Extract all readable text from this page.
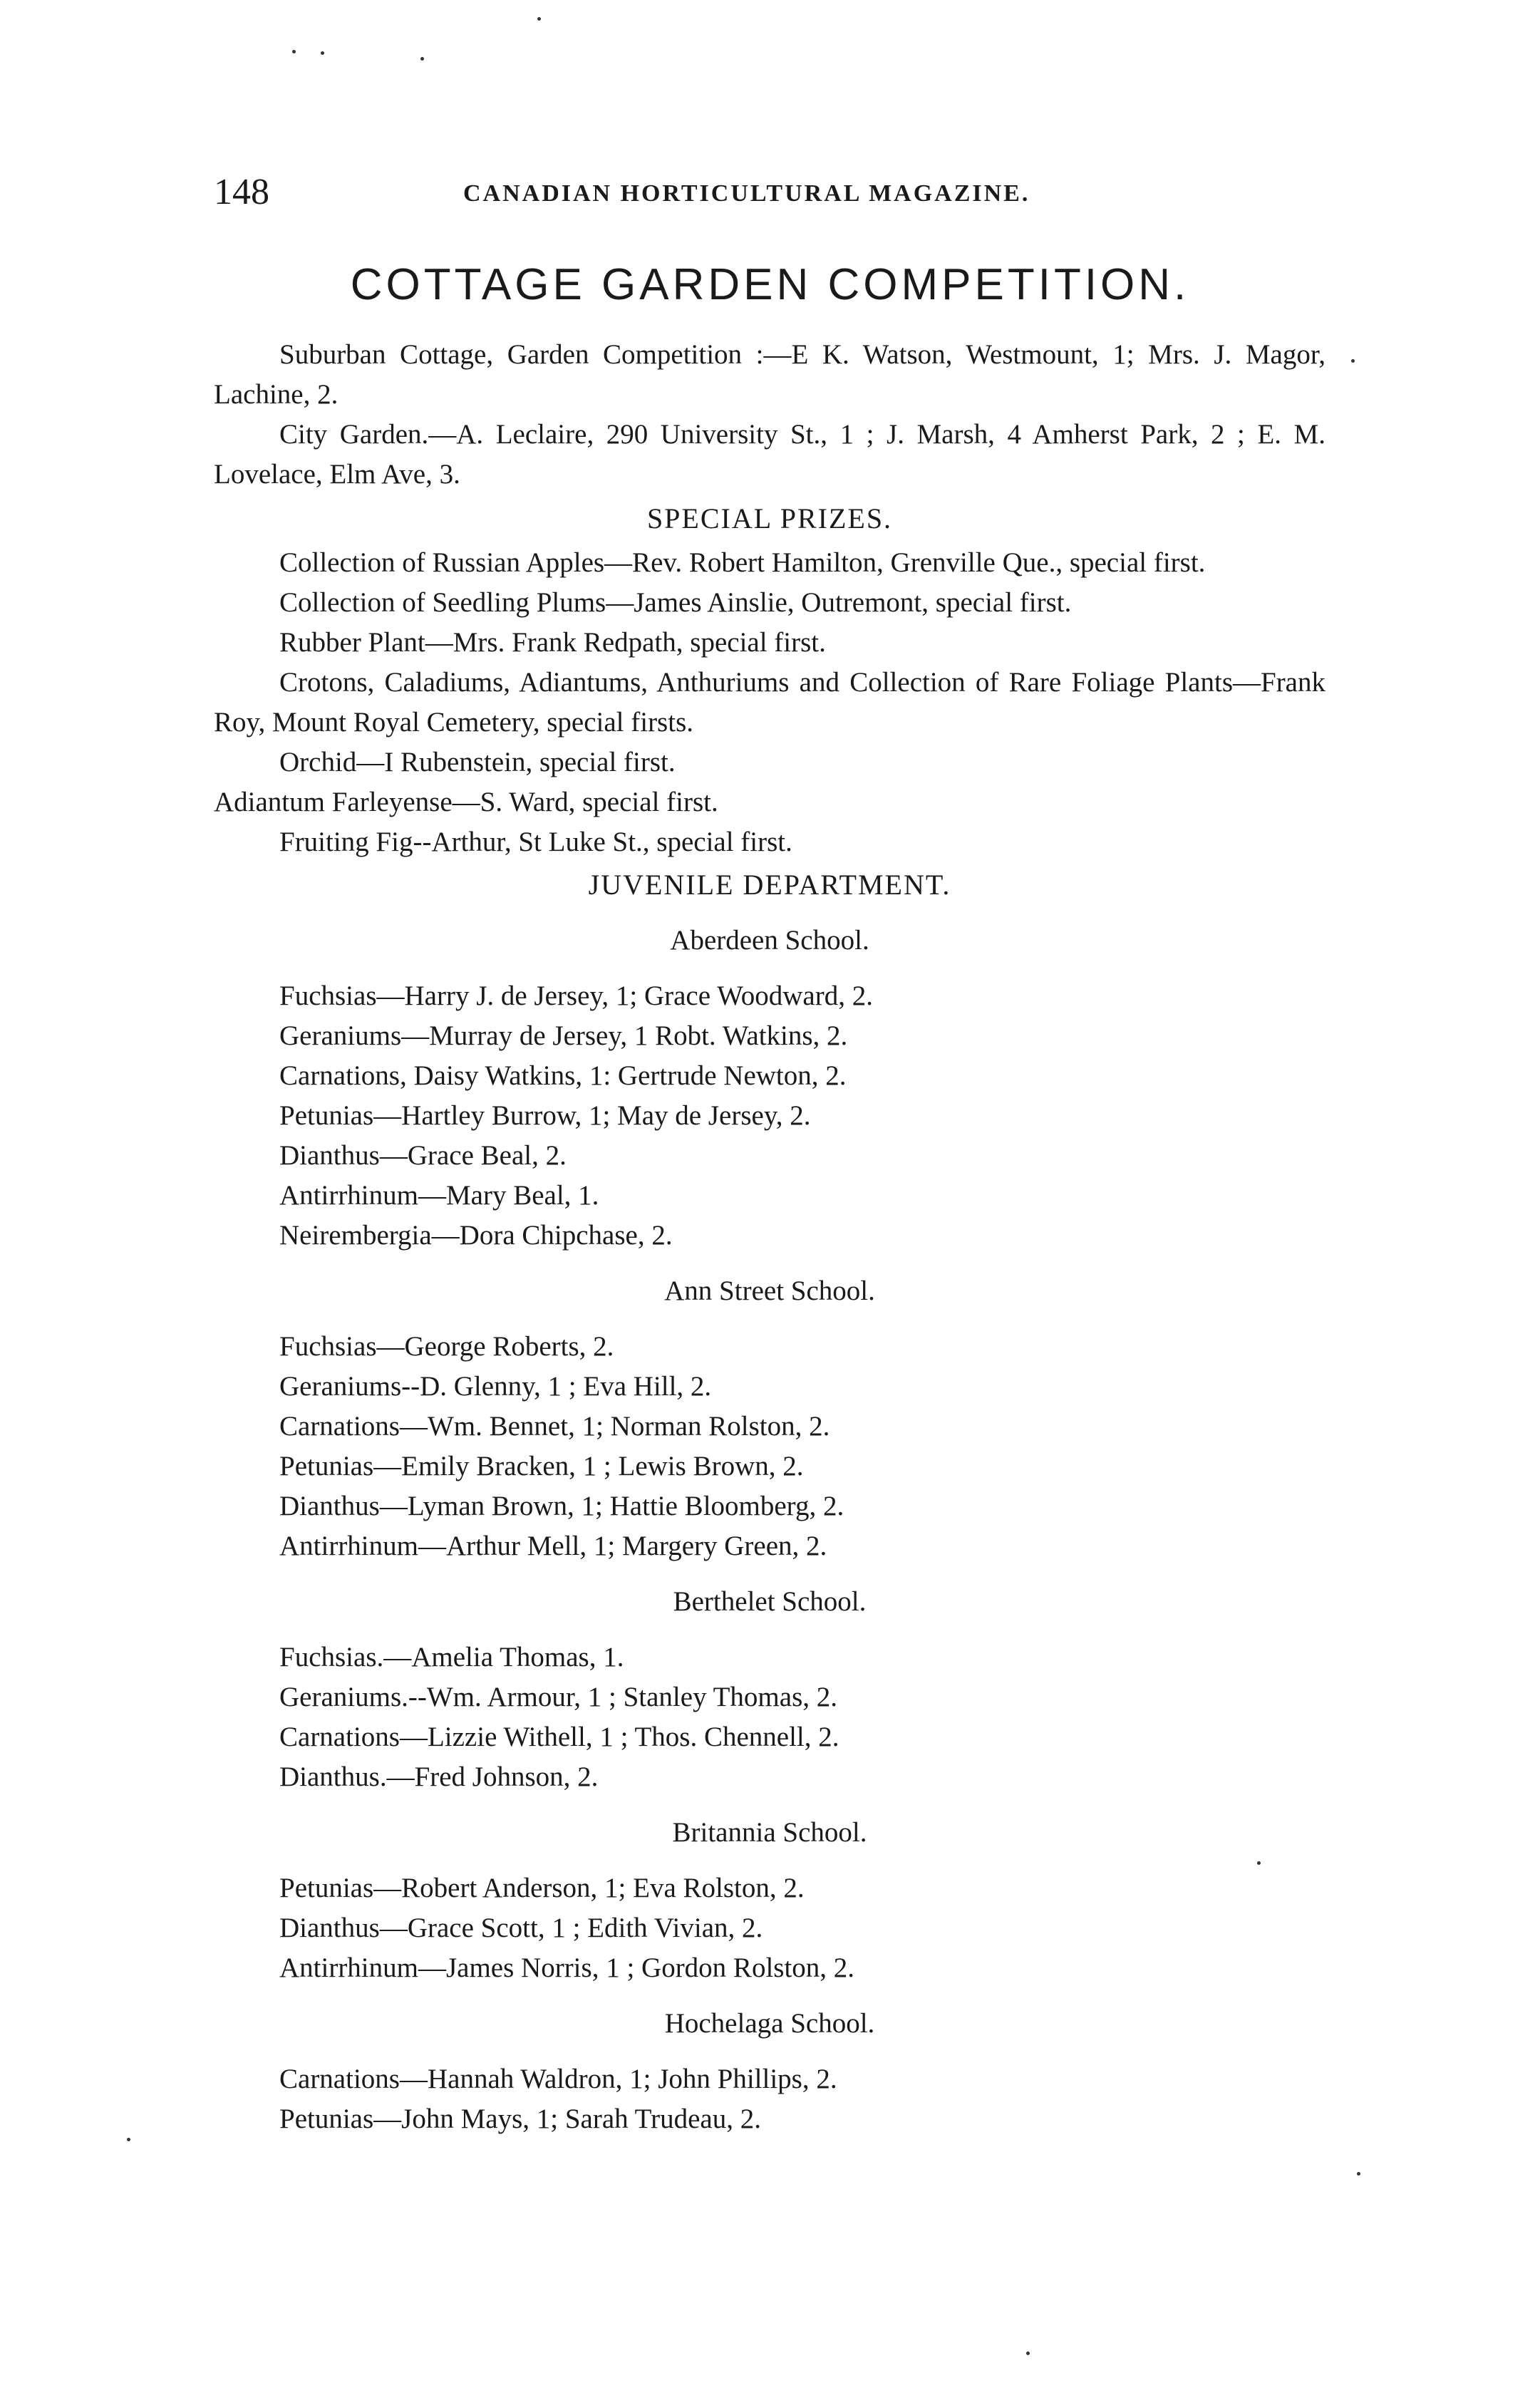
148	CANADIAN HORTICULTURAL MAGAZINE.
COTTAGE GARDEN COMPETITION.

Suburban Cottage, Garden Competition :—E K. Watson, Westmount, 1; Mrs. J. Magor, Lachine, 2.

City Garden.—A. Leclaire, 290 University St., 1 ; J. Marsh, 4 Amherst Park, 2 ; E. M. Lovelace, Elm Ave, 3.

SPECIAL PRIZES.

Collection of Russian Apples—Rev. Robert Hamilton, Grenville Que., special first.

Collection of Seedling Plums—James Ainslie, Outremont, special first.

Rubber Plant—Mrs. Frank Redpath, special first.

Crotons, Caladiums, Adiantums, Anthuriums and Collection of Rare Foliage Plants—Frank Roy, Mount Royal Cemetery, special firsts.

Orchid—I Rubenstein, special first.

Adiantum Farleyense—S. Ward, special first.

Fruiting Fig--Arthur, St Luke St., special first.

JUVENILE DEPARTMENT.
Aberdeen School.

Fuchsias—Harry J. de Jersey, 1; Grace Woodward, 2.

Geraniums—Murray de Jersey, 1 Robt. Watkins, 2.

Carnations, Daisy Watkins, 1: Gertrude Newton, 2.

Petunias—Hartley Burrow, 1; May de Jersey, 2.

Dianthus—Grace Beal, 2.

Antirrhinum—Mary Beal, 1.

Neirembergia—Dora Chipchase, 2.

Ann Street School.

Fuchsias—George Roberts, 2.

Geraniums--D. Glenny, 1 ; Eva Hill, 2.

Carnations—Wm. Bennet, 1; Norman Rolston, 2.

Petunias—Emily Bracken, 1 ; Lewis Brown, 2.

Dianthus—Lyman Brown, 1; Hattie Bloomberg, 2.

Antirrhinum—Arthur Mell, 1; Margery Green, 2.

Berthelet School.

Fuchsias.—Amelia Thomas, 1.

Geraniums.--Wm. Armour, 1 ; Stanley Thomas, 2.

Carnations—Lizzie Withell, 1 ; Thos. Chennell, 2.

Dianthus.—Fred Johnson, 2.

Britannia School.

Petunias—Robert Anderson, 1; Eva Rolston, 2.

Dianthus—Grace Scott, 1 ; Edith Vivian, 2.

Antirrhinum—James Norris, 1 ; Gordon Rolston, 2.

Hochelaga School.

Carnations—Hannah Waldron, 1; John Phillips, 2.

Petunias—John Mays, 1; Sarah Trudeau, 2.
